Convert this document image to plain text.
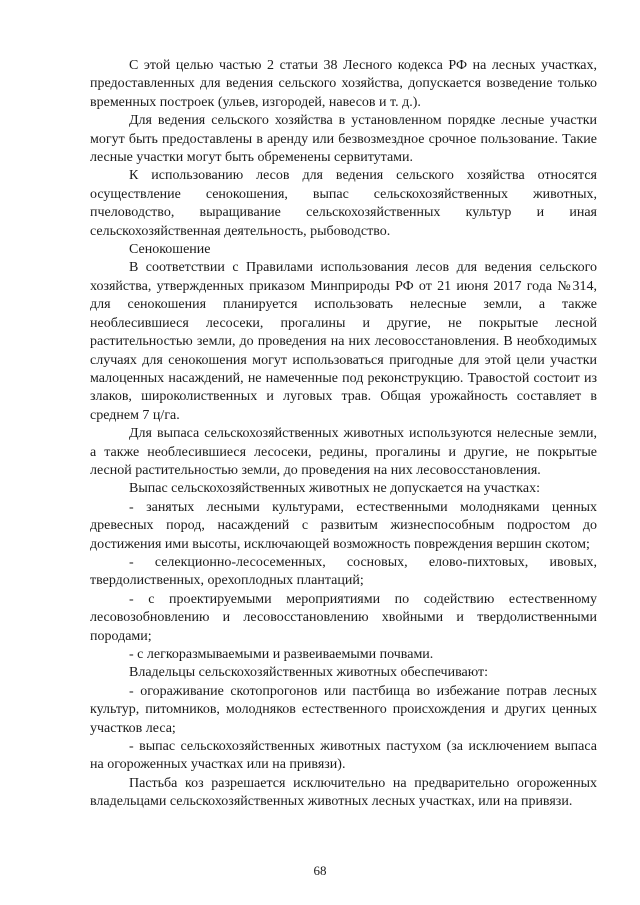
С этой целью частью 2 статьи 38 Лесного кодекса РФ на лесных участках, предоставленных для ведения сельского хозяйства, допускается возведение только временных построек (ульев, изгородей, навесов и т. д.).

Для ведения сельского хозяйства в установленном порядке лесные участки могут быть предоставлены в аренду или безвозмездное срочное пользование. Такие лесные участки могут быть обременены сервитутами.

К использованию лесов для ведения сельского хозяйства относятся осуществление сенокошения, выпас сельскохозяйственных животных, пчеловодство, выращивание сельскохозяйственных культур и иная сельскохозяйственная деятельность, рыбоводство.

Сенокошение

В соответствии с Правилами использования лесов для ведения сельского хозяйства, утвержденных приказом Минприроды РФ от 21 июня 2017 года №314, для сенокошения планируется использовать нелесные земли, а также необлесившиеся лесосеки, прогалины и другие, не покрытые лесной растительностью земли, до проведения на них лесовосстановления. В необходимых случаях для сенокошения могут использоваться пригодные для этой цели участки малоценных насаждений, не намеченные под реконструкцию. Травостой состоит из злаков, широколиственных и луговых трав. Общая урожайность составляет в среднем 7 ц/га.

Для выпаса сельскохозяйственных животных используются нелесные земли, а также необлесившиеся лесосеки, редины, прогалины и другие, не покрытые лесной растительностью земли, до проведения на них лесовосстановления.

Выпас сельскохозяйственных животных не допускается на участках:

- занятых лесными культурами, естественными молодняками ценных древесных пород, насаждений с развитым жизнеспособным подростом до достижения ими высоты, исключающей возможность повреждения вершин скотом;

- селекционно-лесосеменных, сосновых, елово-пихтовых, ивовых, твердолиственных, орехоплодных плантаций;

- с проектируемыми мероприятиями по содействию естественному лесовозобновлению и лесовосстановлению хвойными и твердолиственными породами;

- с легкоразмываемыми и развеиваемыми почвами.

Владельцы сельскохозяйственных животных обеспечивают:

- огораживание скотопрогонов или пастбища во избежание потрав лесных культур, питомников, молодняков естественного происхождения и других ценных участков леса;

- выпас сельскохозяйственных животных пастухом (за исключением выпаса на огороженных участках или на привязи).

Пастьба коз разрешается исключительно на предварительно огороженных владельцами сельскохозяйственных животных лесных участках, или на привязи.

68
